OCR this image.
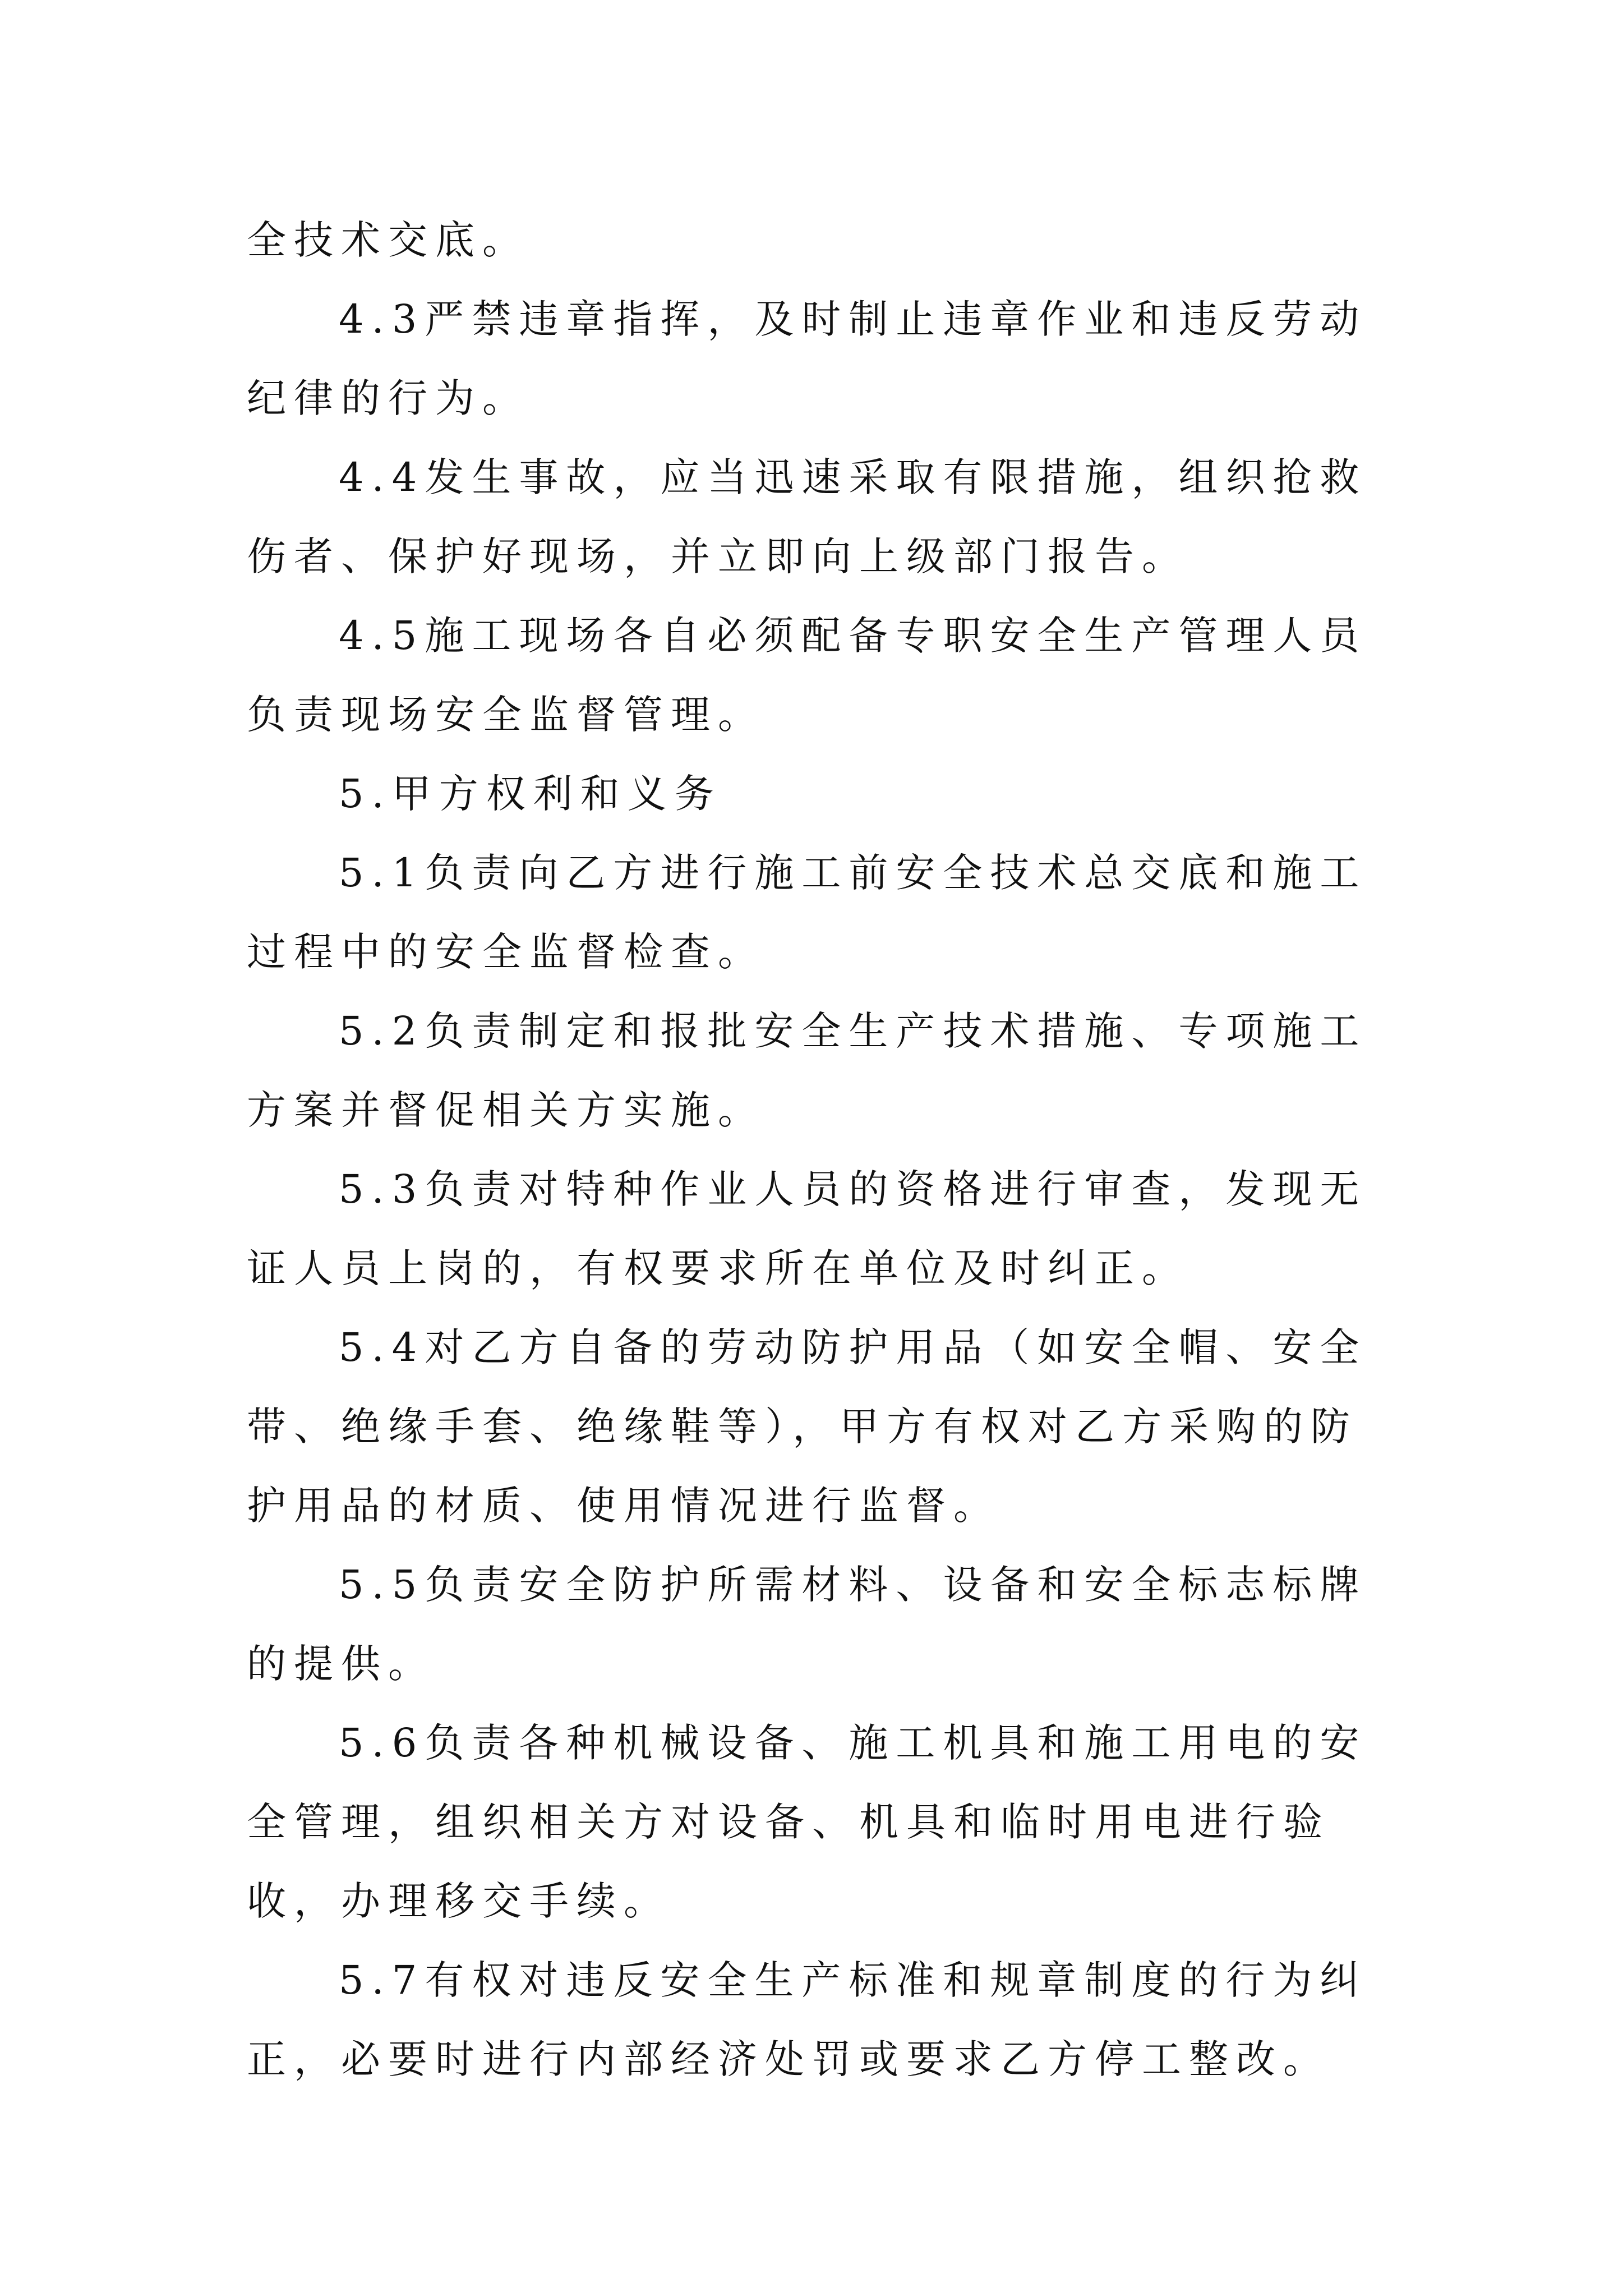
全技术交底。

4.3严禁违章指挥，及时制止违章作业和违反劳动纪律的行为。

4.4发生事故，应当迅速采取有限措施，组织抢救伤者、保护好现场，并立即向上级部门报告。

4.5施工现场各自必须配备专职安全生产管理人员负责现场安全监督管理。

5.甲方权利和义务

5.1负责向乙方进行施工前安全技术总交底和施工过程中的安全监督检查。

5.2负责制定和报批安全生产技术措施、专项施工方案并督促相关方实施。

5.3负责对特种作业人员的资格进行审查，发现无证人员上岗的，有权要求所在单位及时纠正。

5.4对乙方自备的劳动防护用品（如安全帽、安全带、绝缘手套、绝缘鞋等），甲方有权对乙方采购的防护用品的材质、使用情况进行监督。

5.5负责安全防护所需材料、设备和安全标志标牌的提供。

5.6负责各种机械设备、施工机具和施工用电的安全管理，组织相关方对设备、机具和临时用电进行验收，办理移交手续。

5.7有权对违反安全生产标准和规章制度的行为纠正，必要时进行内部经济处罚或要求乙方停工整改。
